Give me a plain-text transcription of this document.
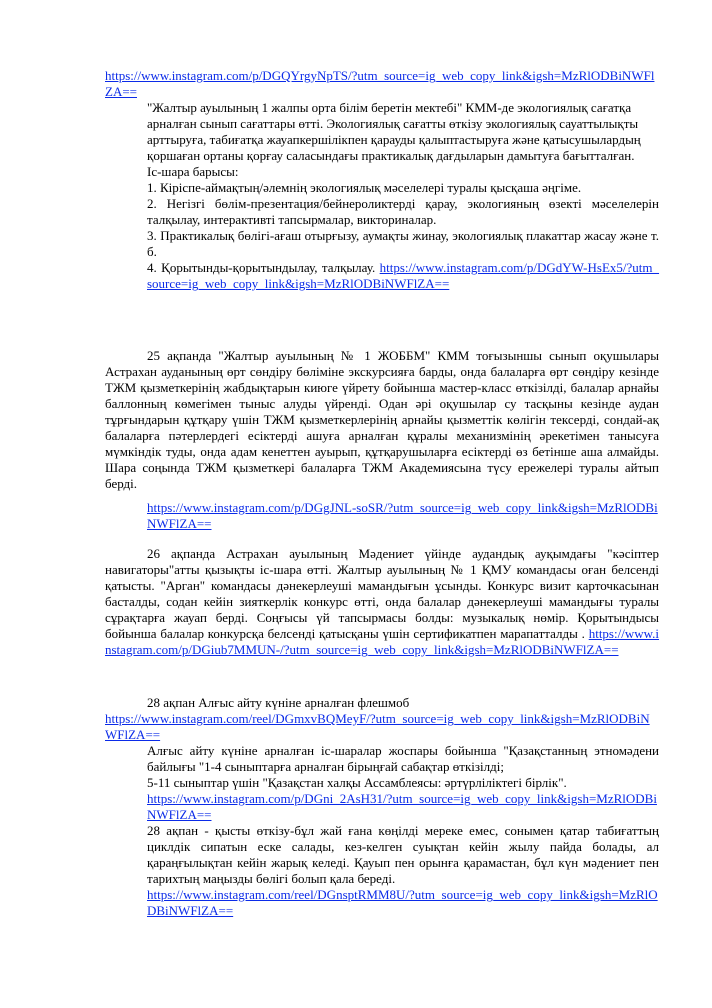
https://www.instagram.com/p/DGQYrgyNpTS/?utm_source=ig_web_copy_link&igsh=MzRlODBiNWFlZA==
"Жалтыр ауылының 1 жалпы орта білім беретін мектебі" КММ-де экологиялық сағатқа арналған сынып сағаттары өтті. Экологиялық сағатты өткізу экологиялық сауаттылықты арттыруға, табиғатқа жауапкершілікпен қарауды қалыптастыруға және қатысушылардың қоршаған ортаны қорғау саласындағы практикалық дағдыларын дамытуға бағытталған.
Іс-шара барысы:
1. Кіріспе-аймақтың/әлемнің экологиялық мәселелері туралы қысқаша әңгіме.
2. Негізгі бөлім-презентация/бейнероликтерді қарау, экологияның өзекті мәселелерін талқылау, интерактивті тапсырмалар, викториналар.
3. Практикалық бөлігі-ағаш отырғызу, аумақты жинау, экологиялық плакаттар жасау және т. б.
4. Қорытынды-қорытындылау, талқылау. https://www.instagram.com/p/DGdYW-HsEx5/?utm_source=ig_web_copy_link&igsh=MzRlODBiNWFlZA==
25 ақпанда "Жалтыр ауылының № 1 ЖОББМ" КММ тоғызыншы сынып оқушылары Астрахан ауданының өрт сөндіру бөліміне экскурсияға барды, онда балаларға өрт сөндіру кезінде ТЖМ қызметкерінің жабдықтарын киюге үйрету бойынша мастер-класс өткізілді, балалар арнайы баллонның көмегімен тыныс алуды үйренді. Одан әрі оқушылар су тасқыны кезінде аудан тұрғындарын құтқару үшін ТЖМ қызметкерлерінің арнайы қызметтік көлігін тексерді, сондай-ақ балаларға пәтерлердегі есіктерді ашуға арналған құралы механизмінің әрекетімен танысуға мүмкіндік туды, онда адам кенеттен ауырып, құтқарушыларға есіктерді өз бетінше аша алмайды. Шара соңында ТЖМ қызметкері балаларға ТЖМ Академиясына түсу ережелері туралы айтып берді.
https://www.instagram.com/p/DGgJNL-soSR/?utm_source=ig_web_copy_link&igsh=MzRlODBiNWFlZA==
26 ақпанда Астрахан ауылының Мәдениет үйінде аудандық ауқымдағы "кәсіптер навигаторы"атты қызықты іс-шара өтті. Жалтыр ауылының № 1 ҚМУ командасы оған белсенді қатысты. "Арган" командасы дәнекерлеуші мамандығын ұсынды. Конкурс визит карточкасынан басталды, содан кейін зияткерлік конкурс өтті, онда балалар дәнекерлеуші мамандығы туралы сұрақтарға жауап берді. Соңғысы үй тапсырмасы болды: музыкалық нөмір. Қорытындысы бойынша балалар конкурсқа белсенді қатысқаны үшін сертификатпен марапатталды . https://www.instagram.com/p/DGiub7MMUN-/?utm_source=ig_web_copy_link&igsh=MzRlODBiNWFlZA==
28 ақпан Алғыс айту күніне арналған флешмоб
https://www.instagram.com/reel/DGmxvBQMeyF/?utm_source=ig_web_copy_link&igsh=MzRlODBiNWFlZA==
Алғыс айту күніне арналған іс-шаралар жоспары бойынша "Қазақстанның этномәдени байлығы "1-4 сыныптарға арналған бірыңғай сабақтар өткізілді;
5-11 сыныптар үшін "Қазақстан халқы Ассамблеясы: әртүрліліктегі бірлік".
https://www.instagram.com/p/DGni_2AsH31/?utm_source=ig_web_copy_link&igsh=MzRlODBiNWFlZA==
28 ақпан - қысты өткізу-бұл жай ғана көңілді мереке емес, сонымен қатар табиғаттың циклдік сипатын еске салады, кез-келген суықтан кейін жылу пайда болады, ал қараңғылықтан кейін жарық келеді. Қауып пен орынға қарамастан, бұл күн мәдениет пен тарихтың маңызды бөлігі болып қала береді.
https://www.instagram.com/reel/DGnsptRMM8U/?utm_source=ig_web_copy_link&igsh=MzRlODBiNWFlZA==
